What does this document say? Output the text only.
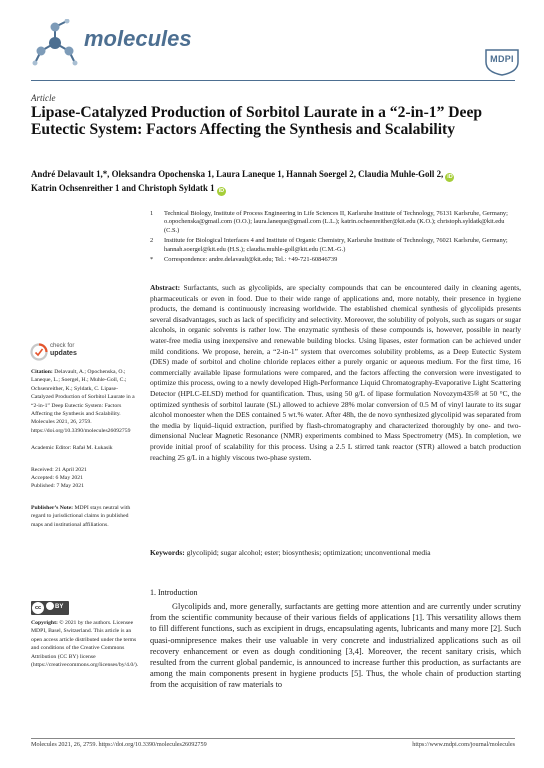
molecules
MDPI
Article
Lipase-Catalyzed Production of Sorbitol Laurate in a “2-in-1” Deep Eutectic System: Factors Affecting the Synthesis and Scalability
André Delavault 1,*, Oleksandra Opochenska 1, Laura Laneque 1, Hannah Soergel 2, Claudia Muhle-Goll 2, iD
Katrin Ochsenreither 1 and Christoph Syldatk 1 iD
1 Technical Biology, Institute of Process Engineering in Life Sciences II, Karlsruhe Institute of Technology, 76131 Karlsruhe, Germany; o.opochenska@gmail.com (O.O.); laura.laneque@gmail.com (L.L.); katrin.ochsenreither@kit.edu (K.O.); christoph.syldatk@kit.edu (C.S.)
2 Institute for Biological Interfaces 4 and Institute of Organic Chemistry, Karlsruhe Institute of Technology, 76021 Karlsruhe, Germany; hannah.soergel@kit.edu (H.S.); claudia.muhle-goll@kit.edu (C.M.-G.)
* Correspondence: andre.delavault@kit.edu; Tel.: +49-721-60846739
Abstract: Surfactants, such as glycolipids, are specialty compounds that can be encountered daily in cleaning agents, pharmaceuticals or even in food. Due to their wide range of applications and, more notably, their presence in hygiene products, the demand is continuously increasing worldwide. The established chemical synthesis of glycolipids presents several disadvantages, such as lack of specificity and selectivity. Moreover, the solubility of polyols, such as sugars or sugar alcohols, in organic solvents is rather low. The enzymatic synthesis of these compounds is, however, possible in nearly water-free media using inexpensive and renewable building blocks. Using lipases, ester formation can be achieved under mild conditions. We propose, herein, a “2-in-1” system that overcomes solubility problems, as a Deep Eutectic System (DES) made of sorbitol and choline chloride replaces either a purely organic or aqueous medium. For the first time, 16 commercially available lipase formulations were compared, and the factors affecting the conversion were investigated to optimize this process, owing to a newly developed High-Performance Liquid Chromatography-Evaporative Light Scattering Detector (HPLC-ELSD) method for quantification. Thus, using 50 g/L of lipase formulation Novozym435® at 50 °C, the optimized synthesis of sorbitol laurate (SL) allowed to achieve 28% molar conversion of 0.5 M of vinyl laurate to its sugar alcohol monoester when the DES contained 5 wt.% water. After 48h, the de novo synthesized glycolipid was separated from the media by liquid–liquid extraction, purified by flash-chromatography and characterized thoroughly by one- and two-dimensional Nuclear Magnetic Resonance (NMR) experiments combined to Mass Spectrometry (MS). In completion, we provide initial proof of scalability for this process. Using a 2.5 L stirred tank reactor (STR) allowed a batch production reaching 25 g/L in a highly viscous two-phase system.
Keywords: glycolipid; sugar alcohol; ester; biosynthesis; optimization; unconventional media
check for
updates
Citation: Delavault, A.; Opochenska, O.; Laneque, L.; Soergel, H.; Muhle-Goll, C.; Ochsenreither, K.; Syldatk, C. Lipase-Catalyzed Production of Sorbitol Laurate in a “2-in-1” Deep Eutectic System: Factors Affecting the Synthesis and Scalability. Molecules 2021, 26, 2759. https://doi.org/10.3390/molecules26092759
Academic Editor: Rafał M. Łukasik
Received: 21 April 2021
Accepted: 6 May 2021
Published: 7 May 2021
Publisher’s Note: MDPI stays neutral with regard to jurisdictional claims in published maps and institutional affiliations.
cc	BY
Copyright: © 2021 by the authors. Licensee MDPI, Basel, Switzerland. This article is an open access article distributed under the terms and conditions of the Creative Commons Attribution (CC BY) license (https://creativecommons.org/licenses/by/4.0/).
1. Introduction
Glycolipids and, more generally, surfactants are getting more attention and are currently under scrutiny from the scientific community because of their various fields of applications [1]. This versatility allows them to fill different functions, such as excipient in drugs, encapsulating agents, lubricants and many more [2]. Such quasi-omnipresence makes their use valuable in very concrete and industrialized applications such as oil recovery enhancement or even as dough conditioning [3,4]. Moreover, the recent sanitary crisis, which resulted from the current global pandemic, is announced to increase further this production, as surfactants are among the main components present in hygiene products [5]. Thus, the whole chain of production starting from the acquisition of raw materials to
Molecules 2021, 26, 2759. https://doi.org/10.3390/molecules26092759	https://www.mdpi.com/journal/molecules
